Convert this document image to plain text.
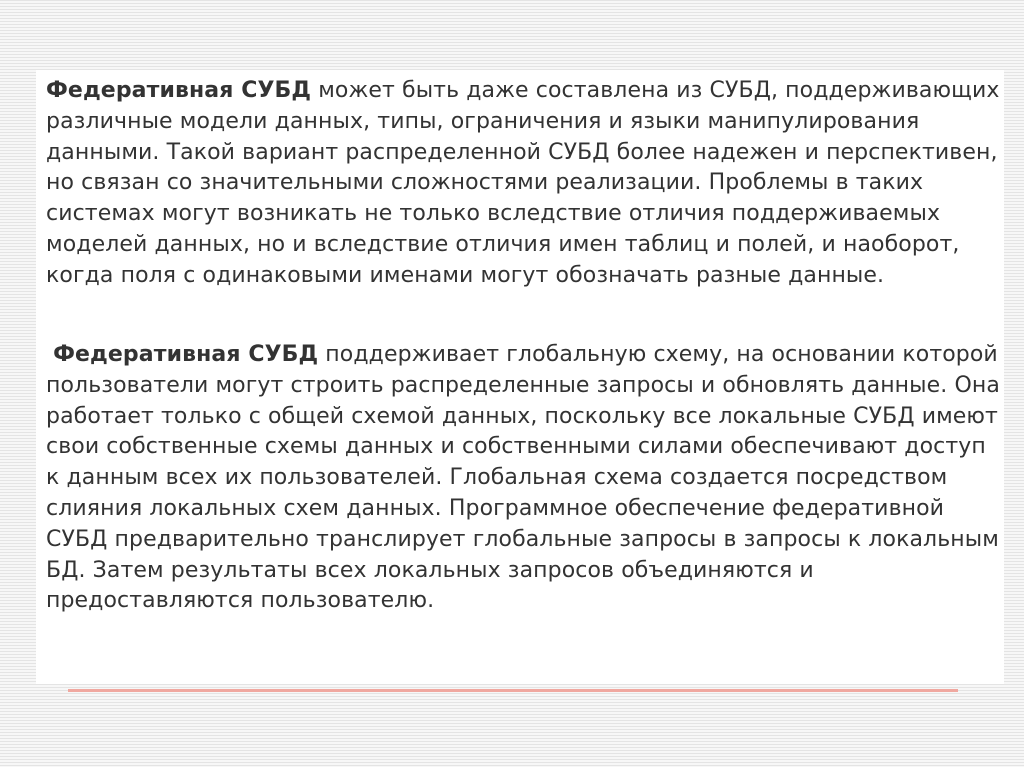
Федеративная СУБД может быть даже составлена из СУБД, поддерживающих различные модели данных, типы, ограничения и языки манипулирования данными. Такой вариант распределенной СУБД более надежен и перспективен, но связан со значительными сложностями реализации. Проблемы в таких системах могут возникать не только вследствие отличия поддерживаемых моделей данных, но и вследствие отличия имен таблиц и полей, и наоборот, когда поля с одинаковыми именами могут обозначать разные данные.

Федеративная СУБД поддерживает глобальную схему, на основании которой пользователи могут строить распределенные запросы и обновлять данные. Она работает только с общей схемой данных, поскольку все локальные СУБД имеют свои собственные схемы данных и собственными силами обеспечивают доступ к данным всех их пользователей. Глобальная схема создается посредством слияния локальных схем данных. Программное обеспечение федеративной СУБД предварительно транслирует глобальные запросы в запросы к локальным БД. Затем результаты всех локальных запросов объединяются и предоставляются пользователю.
